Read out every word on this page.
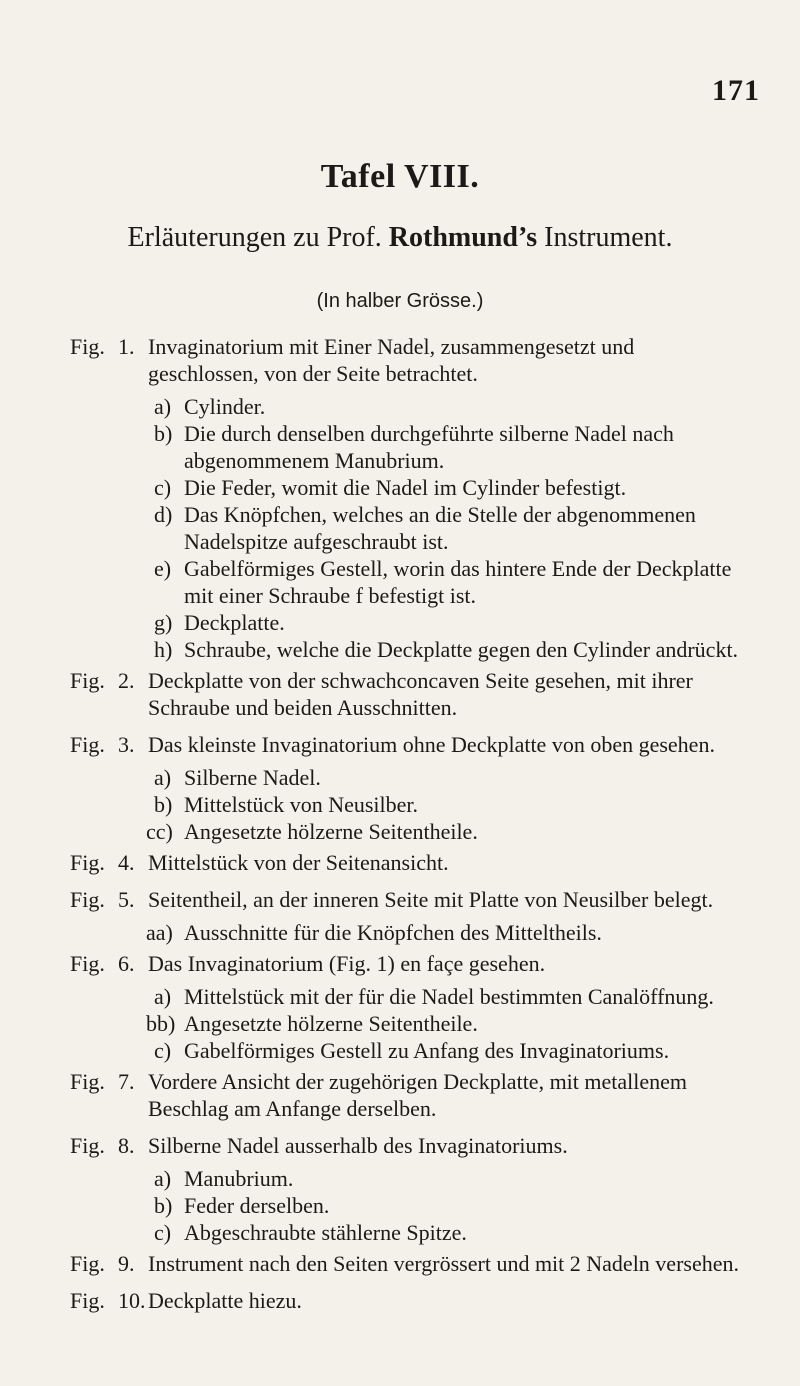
171
Tafel VIII.
Erläuterungen zu Prof. Rothmund’s Instrument.
(In halber Grösse.)
Fig. 1. Invaginatorium mit Einer Nadel, zusammengesetzt und geschlossen, von der Seite betrachtet.
a) Cylinder.
b) Die durch denselben durchgeführte silberne Nadel nach abgenommenem Manubrium.
c) Die Feder, womit die Nadel im Cylinder befestigt.
d) Das Knöpfchen, welches an die Stelle der abgenommenen Nadelspitze aufgeschraubt ist.
e) Gabelförmiges Gestell, worin das hintere Ende der Deckplatte mit einer Schraube f befestigt ist.
g) Deckplatte.
h) Schraube, welche die Deckplatte gegen den Cylinder andrückt.
Fig. 2. Deckplatte von der schwachconcaven Seite gesehen, mit ihrer Schraube und beiden Ausschnitten.
Fig. 3. Das kleinste Invaginatorium ohne Deckplatte von oben gesehen.
a) Silberne Nadel.
b) Mittelstück von Neusilber.
cc) Angesetzte hölzerne Seitentheile.
Fig. 4. Mittelstück von der Seitenansicht.
Fig. 5. Seitentheil, an der inneren Seite mit Platte von Neusilber belegt.
aa) Ausschnitte für die Knöpfchen des Mitteltheils.
Fig. 6. Das Invaginatorium (Fig. 1) en façe gesehen.
a) Mittelstück mit der für die Nadel bestimmten Canalöffnung.
bb) Angesetzte hölzerne Seitentheile.
c) Gabelförmiges Gestell zu Anfang des Invaginatoriums.
Fig. 7. Vordere Ansicht der zugehörigen Deckplatte, mit metallenem Beschlag am Anfange derselben.
Fig. 8. Silberne Nadel ausserhalb des Invaginatoriums.
a) Manubrium.
b) Feder derselben.
c) Abgeschraubte stählerne Spitze.
Fig. 9. Instrument nach den Seiten vergrössert und mit 2 Nadeln versehen.
Fig. 10. Deckplatte hiezu.
